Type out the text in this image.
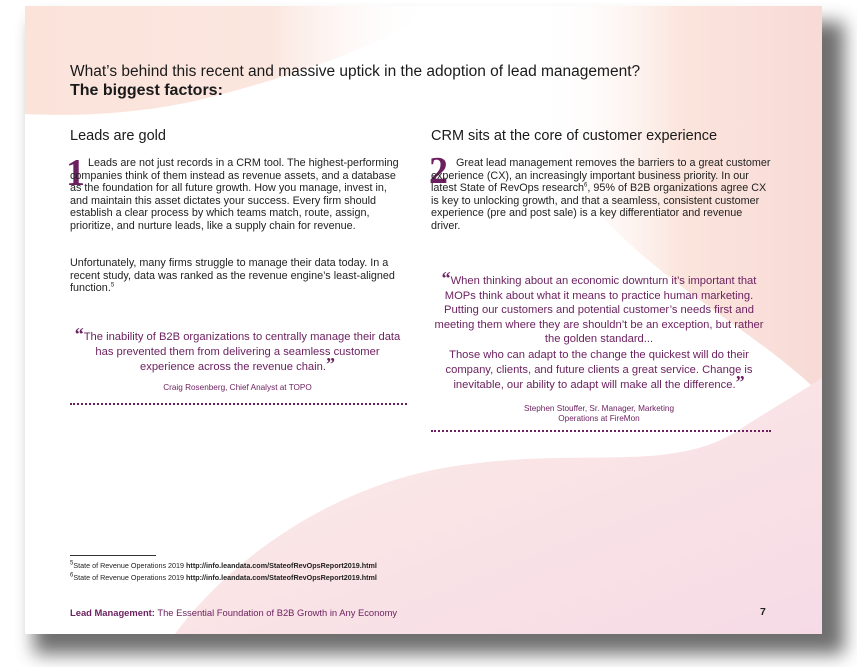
What’s behind this recent and massive uptick in the adoption of lead management?
The biggest factors:
Leads are gold
1 Leads are not just records in a CRM tool. The highest-performing companies think of them instead as revenue assets, and a database as the foundation for all future growth. How you manage, invest in, and maintain this asset dictates your success. Every firm should establish a clear process by which teams match, route, assign, prioritize, and nurture leads, like a supply chain for revenue.
Unfortunately, many firms struggle to manage their data today. In a recent study, data was ranked as the revenue engine’s least-aligned function.$^5$
“The inability of B2B organizations to centrally manage their data has prevented them from delivering a seamless customer experience across the revenue chain.”
Craig Rosenberg, Chief Analyst at TOPO
CRM sits at the core of customer experience
2 Great lead management removes the barriers to a great customer experience (CX), an increasingly important business priority. In our latest State of RevOps research$^6$, 95% of B2B organizations agree CX is key to unlocking growth, and that a seamless, consistent customer experience (pre and post sale) is a key differentiator and revenue driver.
“When thinking about an economic downturn it’s important that MOPs think about what it means to practice human marketing. Putting our customers and potential customer’s needs first and meeting them where they are shouldn’t be an exception, but rather the golden standard...
Those who can adapt to the change the quickest will do their company, clients, and future clients a great service. Change is inevitable, our ability to adapt will make all the difference.”
Stephen Stouffer, Sr. Manager, Marketing
Operations at FireMon
$^5$State of Revenue Operations 2019 http://info.leandata.com/StateofRevOpsReport2019.html
$^6$State of Revenue Operations 2019 http://info.leandata.com/StateofRevOpsReport2019.html
Lead Management: The Essential Foundation of B2B Growth in Any Economy	7
